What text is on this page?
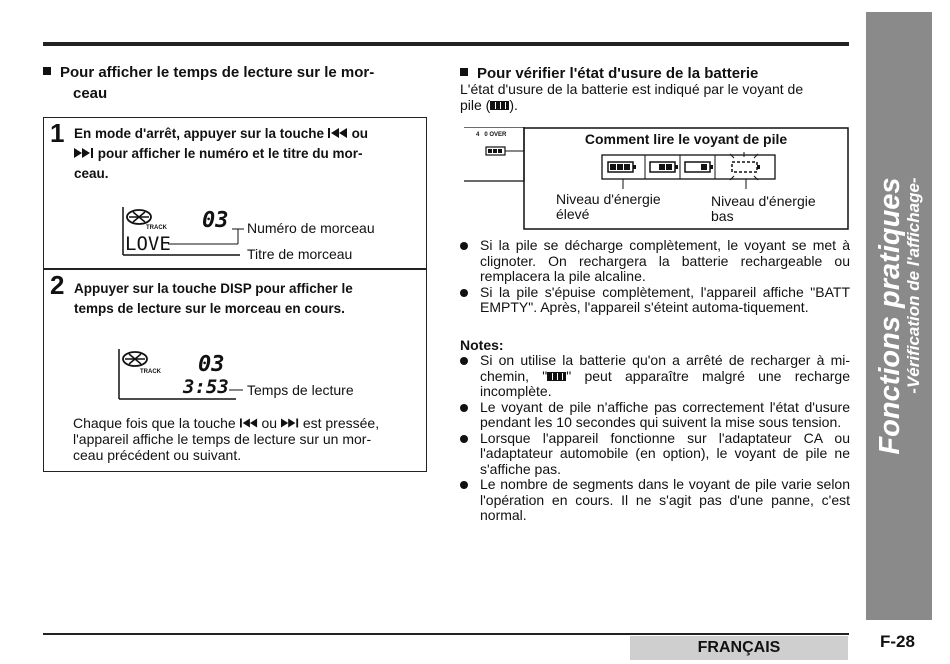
Fonctions pratiques
-Vérification de l'affichage-
Pour afficher le temps de lecture sur le mor-
ceau
1 En mode d'arrêt, appuyer sur la touche ou
pour afficher le numéro et le titre du mor-
ceau.
TRACK 03
LOVE
Numéro de morceau
Titre de morceau
2 Appuyer sur la touche DISP pour afficher le
temps de lecture sur le morceau en cours.
TRACK 03
3:53 Temps de lecture
Chaque fois que la touche ou est pressée,
l'appareil affiche le temps de lecture sur un mor-
ceau précédent ou suivant.
Pour vérifier l'état d'usure de la batterie
L'état d'usure de la batterie est indiqué par le voyant de
pile ( ).
4   0 OVER	Comment lire le voyant de pile
Niveau d'énergie
élevé
Niveau d'énergie
bas
Si la pile se décharge complètement, le voyant se met à clignoter. On rechargera la batterie rechargeable ou remplacera la pile alcaline.
Si la pile s'épuise complètement, l'appareil affiche "BATT EMPTY". Après, l'appareil s'éteint automa-tiquement.
Notes:
Si on utilise la batterie qu'on a arrêté de recharger à mi-chemin, " " peut apparaître malgré une recharge incomplète.
Le voyant de pile n'affiche pas correctement l'état d'usure pendant les 10 secondes qui suivent la mise sous tension.
Lorsque l'appareil fonctionne sur l'adaptateur CA ou l'adaptateur automobile (en option), le voyant de pile ne s'affiche pas.
Le nombre de segments dans le voyant de pile varie selon l'opération en cours. Il ne s'agit pas d'une panne, c'est normal.
FRANÇAIS	F-28
